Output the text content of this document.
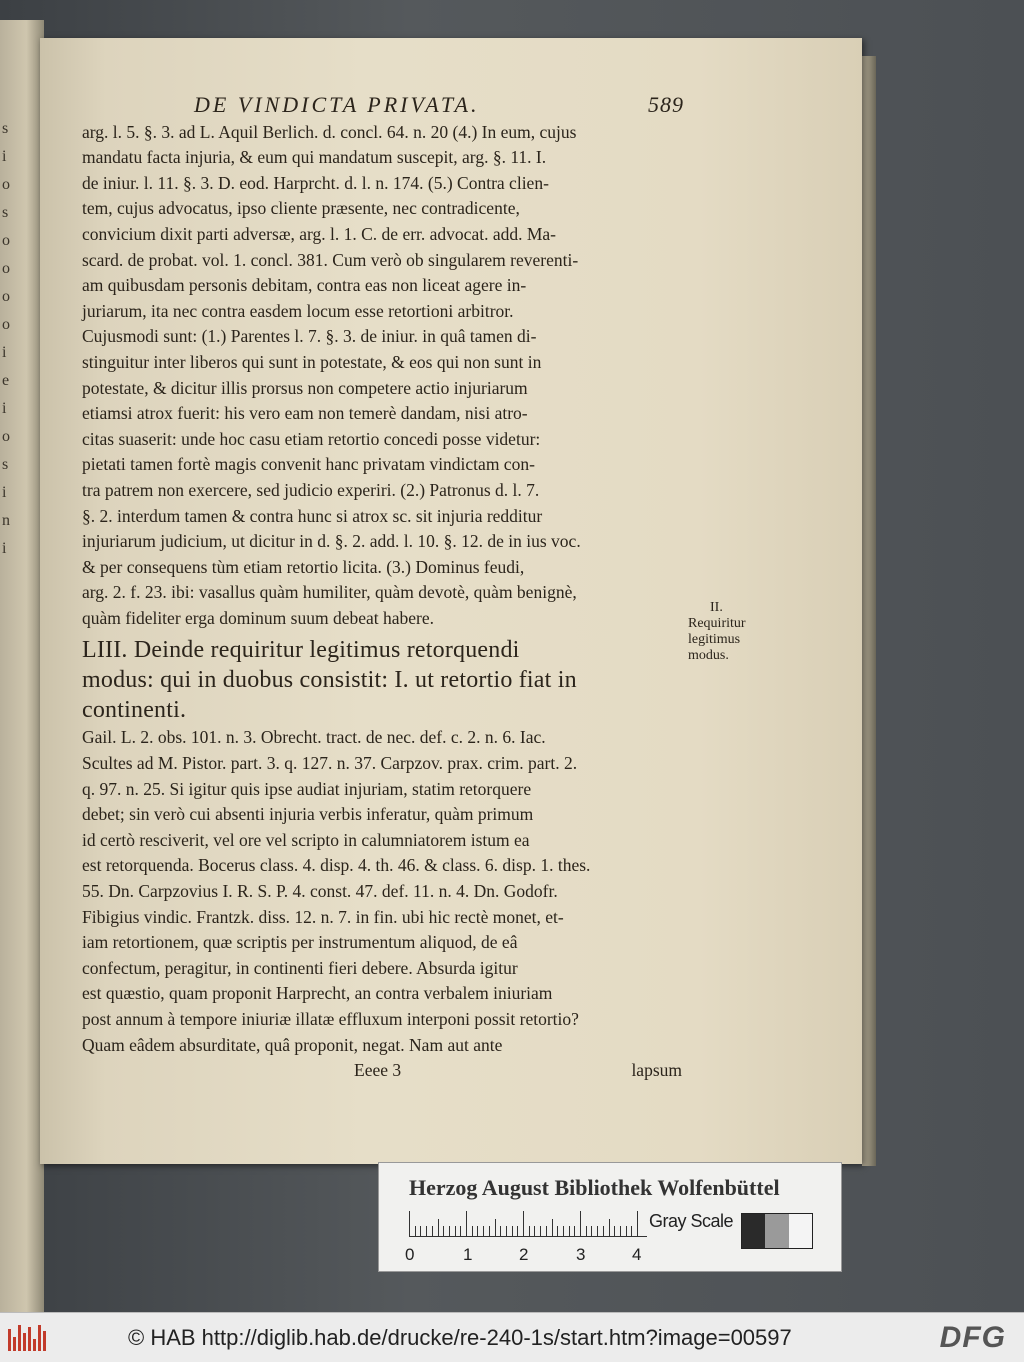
s
i
o
s
o
o
o
o
i
e
i
o
s
i
n
i
DE VINDICTA PRIVATA.	589
arg. l. 5. §. 3. ad L. Aquil Berlich. d. concl. 64. n. 20 (4.) In eum, cujus
mandatu facta injuria, & eum qui mandatum suscepit, arg. §. 11. I.
de iniur. l. 11. §. 3. D. eod. Harprcht. d. l. n. 174. (5.) Contra clien-
tem, cujus advocatus, ipso cliente præsente, nec contradicente,
convicium dixit parti adversæ, arg. l. 1. C. de err. advocat. add. Ma-
scard. de probat. vol. 1. concl. 381. Cum verò ob singularem reverenti-
am quibusdam personis debitam, contra eas non liceat agere in-
juriarum, ita nec contra easdem locum esse retortioni arbitror.
Cujusmodi sunt: (1.) Parentes l. 7. §. 3. de iniur. in quâ tamen di-
stinguitur inter liberos qui sunt in potestate, & eos qui non sunt in
potestate, & dicitur illis prorsus non competere actio injuriarum
etiamsi atrox fuerit: his vero eam non temerè dandam, nisi atro-
citas suaserit: unde hoc casu etiam retortio concedi posse videtur:
pietati tamen fortè magis convenit hanc privatam vindictam con-
tra patrem non exercere, sed judicio experiri. (2.) Patronus d. l. 7.
§. 2. interdum tamen & contra hunc si atrox sc. sit injuria redditur
injuriarum judicium, ut dicitur in d. §. 2. add. l. 10. §. 12. de in ius voc.
& per consequens tùm etiam retortio licita. (3.) Dominus feudi,
arg. 2. f. 23. ibi: vasallus quàm humiliter, quàm devotè, quàm benignè,
quàm fideliter erga dominum suum debeat habere.
LIII. Deinde requiritur legitimus retorquendi
modus: qui in duobus consistit: I. ut retortio fiat in
continenti.
Gail. L. 2. obs. 101. n. 3. Obrecht. tract. de nec. def. c. 2. n. 6. Iac.
Scultes ad M. Pistor. part. 3. q. 127. n. 37. Carpzov. prax. crim. part. 2.
q. 97. n. 25. Si igitur quis ipse audiat injuriam, statim retorquere
debet; sin verò cui absenti injuria verbis inferatur, quàm primum
id certò resciverit, vel ore vel scripto in calumniatorem istum ea
est retorquenda. Bocerus class. 4. disp. 4. th. 46. & class. 6. disp. 1. thes.
55. Dn. Carpzovius I. R. S. P. 4. const. 47. def. 11. n. 4. Dn. Godofr.
Fibigius vindic. Frantzk. diss. 12. n. 7. in fin. ubi hic rectè monet, et-
iam retortionem, quæ scriptis per instrumentum aliquod, de eâ
confectum, peragitur, in continenti fieri debere. Absurda igitur
est quæstio, quam proponit Harprecht, an contra verbalem iniuriam
post annum à tempore iniuriæ illatæ effluxum interponi possit retortio?
Quam eâdem absurditate, quâ proponit, negat. Nam aut ante
Eeee 3	lapsum
II.
Requiritur
legitimus
modus.
Herzog August Bibliothek Wolfenbüttel
0	1	2	3	4
Gray Scale
© HAB http://diglib.hab.de/drucke/re-240-1s/start.htm?image=00597	DFG
